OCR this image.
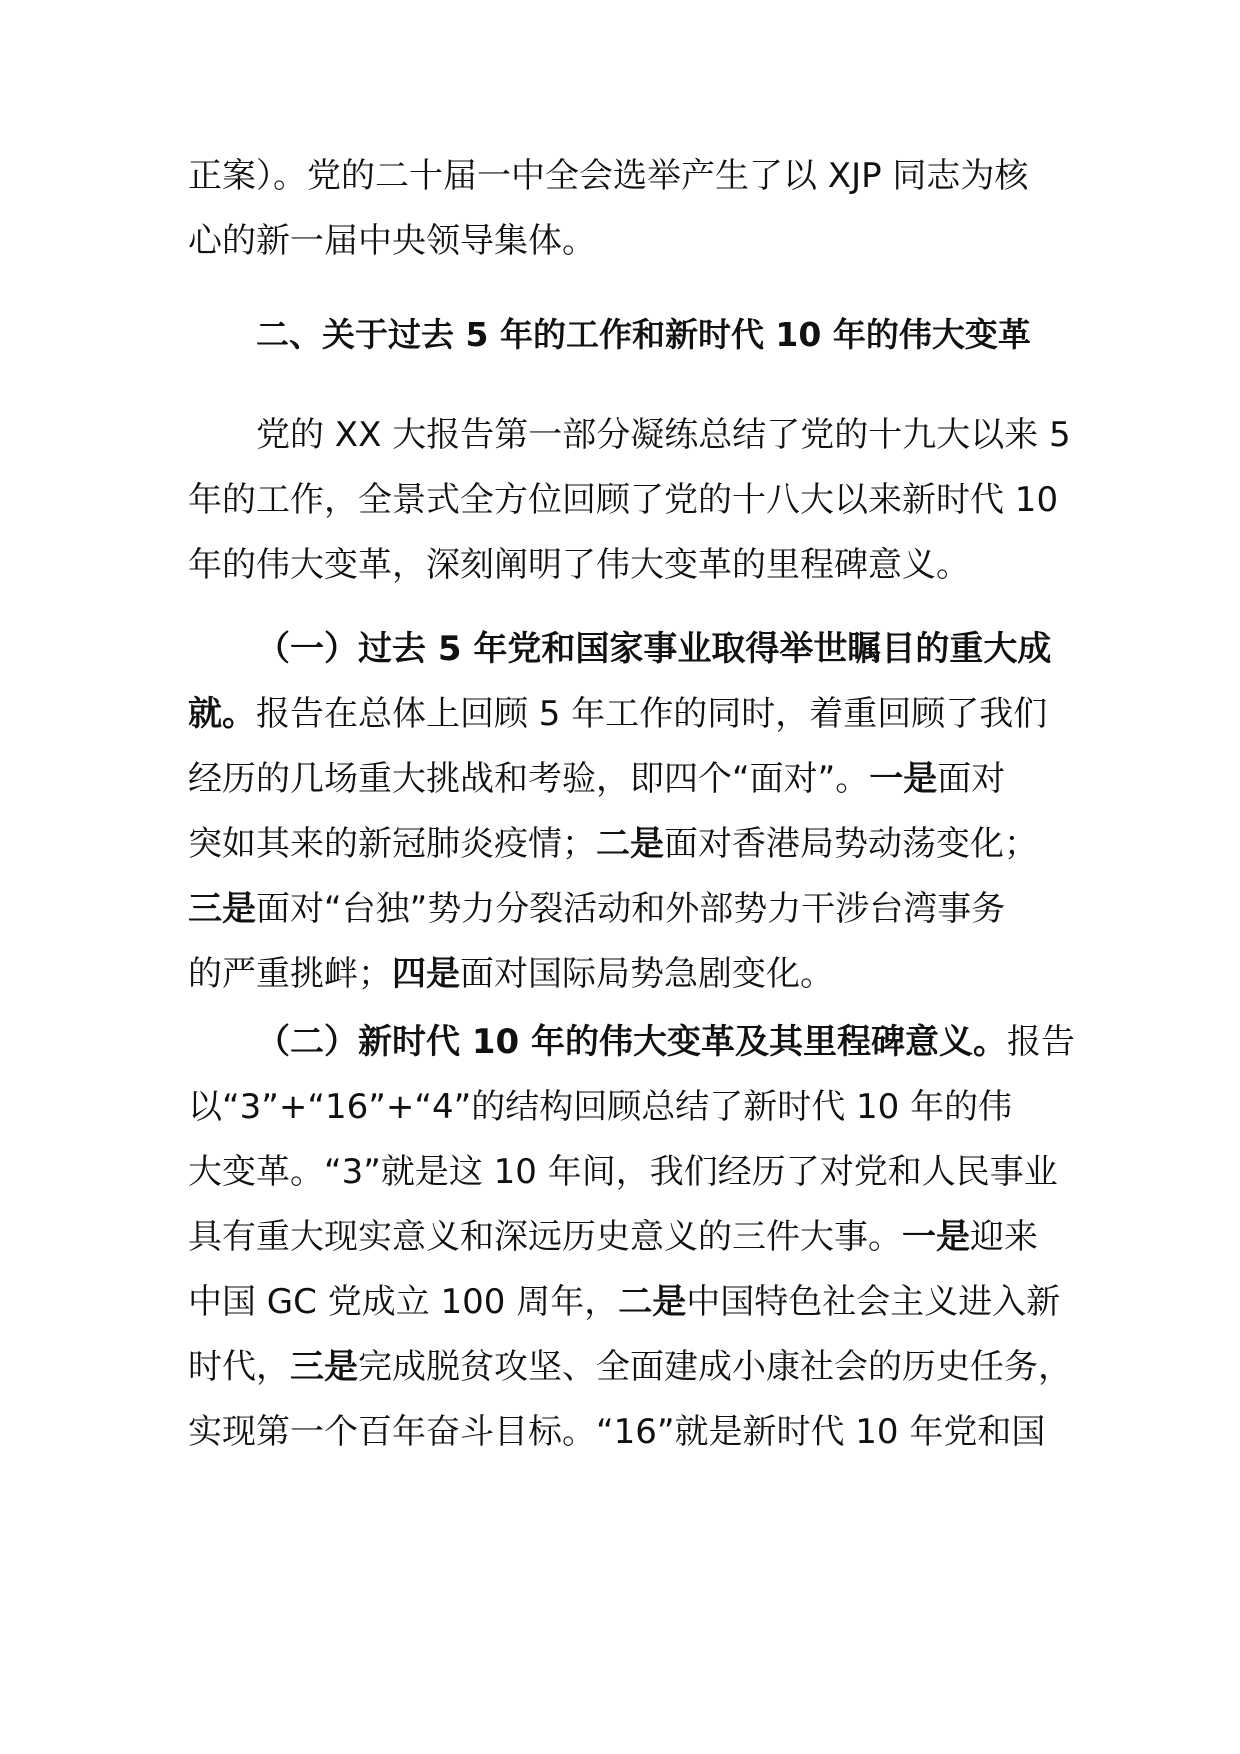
正案）。党的二十届一中全会选举产生了以 XJP 同志为核
心的新一届中央领导集体。
二、关于过去 5 年的工作和新时代 10 年的伟大变革
党的 XX 大报告第一部分凝练总结了党的十九大以来 5
年的工作，全景式全方位回顾了党的十八大以来新时代 10
年的伟大变革，深刻阐明了伟大变革的里程碑意义。
（一）过去 5 年党和国家事业取得举世瞩目的重大成
就。报告在总体上回顾 5 年工作的同时，着重回顾了我们
经历的几场重大挑战和考验，即四个“面对”。一是面对
突如其来的新冠肺炎疫情；二是面对香港局势动荡变化；
三是面对“台独”势力分裂活动和外部势力干涉台湾事务
的严重挑衅；四是面对国际局势急剧变化。
（二）新时代 10 年的伟大变革及其里程碑意义。报告
以“3”+“16”+“4”的结构回顾总结了新时代 10 年的伟
大变革。“3”就是这 10 年间，我们经历了对党和人民事业
具有重大现实意义和深远历史意义的三件大事。一是迎来
中国 GC 党成立 100 周年，二是中国特色社会主义进入新
时代，三是完成脱贫攻坚、全面建成小康社会的历史任务，
实现第一个百年奋斗目标。“16”就是新时代 10 年党和国
